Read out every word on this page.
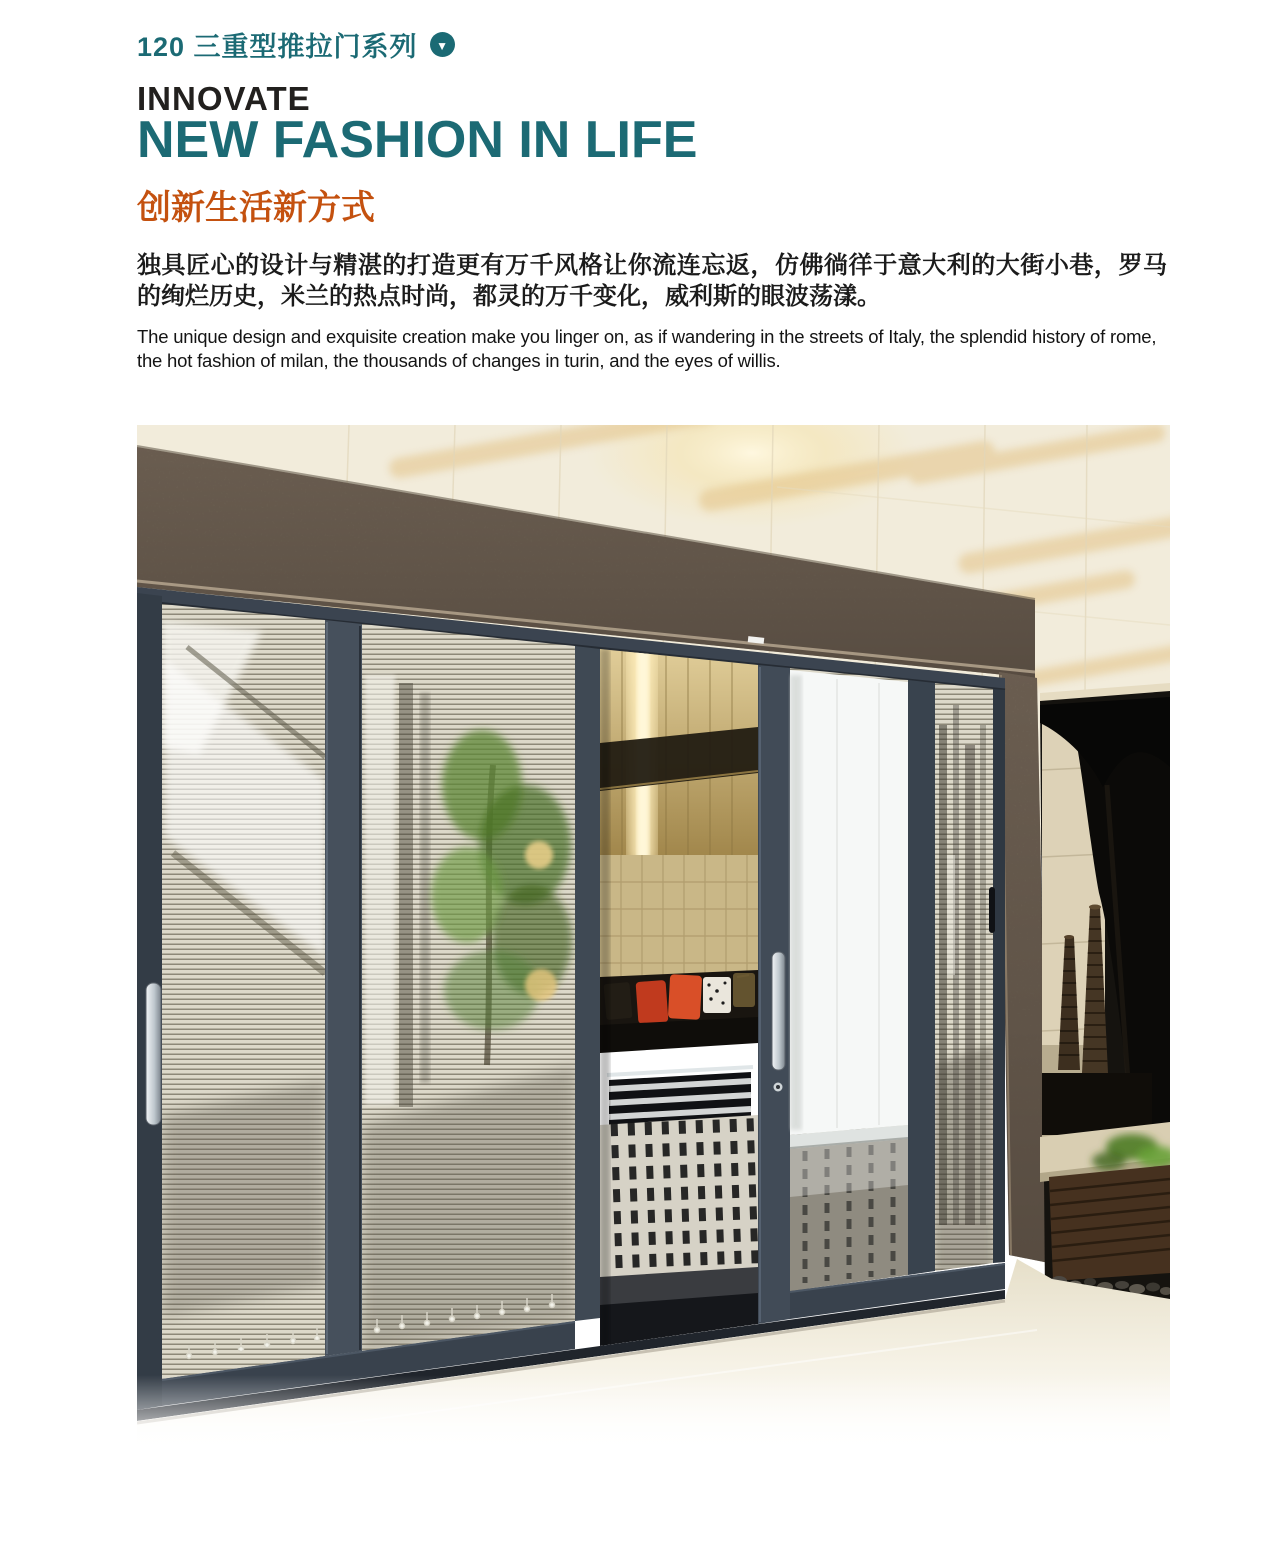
120 三重型推拉门系列 ▼
INNOVATE
NEW FASHION IN LIFE
创新生活新方式
独具匠心的设计与精湛的打造更有万千风格让你流连忘返，仿佛徜徉于意大利的大街小巷，罗马的绚烂历史，米兰的热点时尚，都灵的万千变化，威利斯的眼波荡漾。
The unique design and exquisite creation make you linger on, as if wandering in the streets of Italy, the splendid history of rome, the hot fashion of milan, the thousands of changes in turin, and the eyes of willis.
